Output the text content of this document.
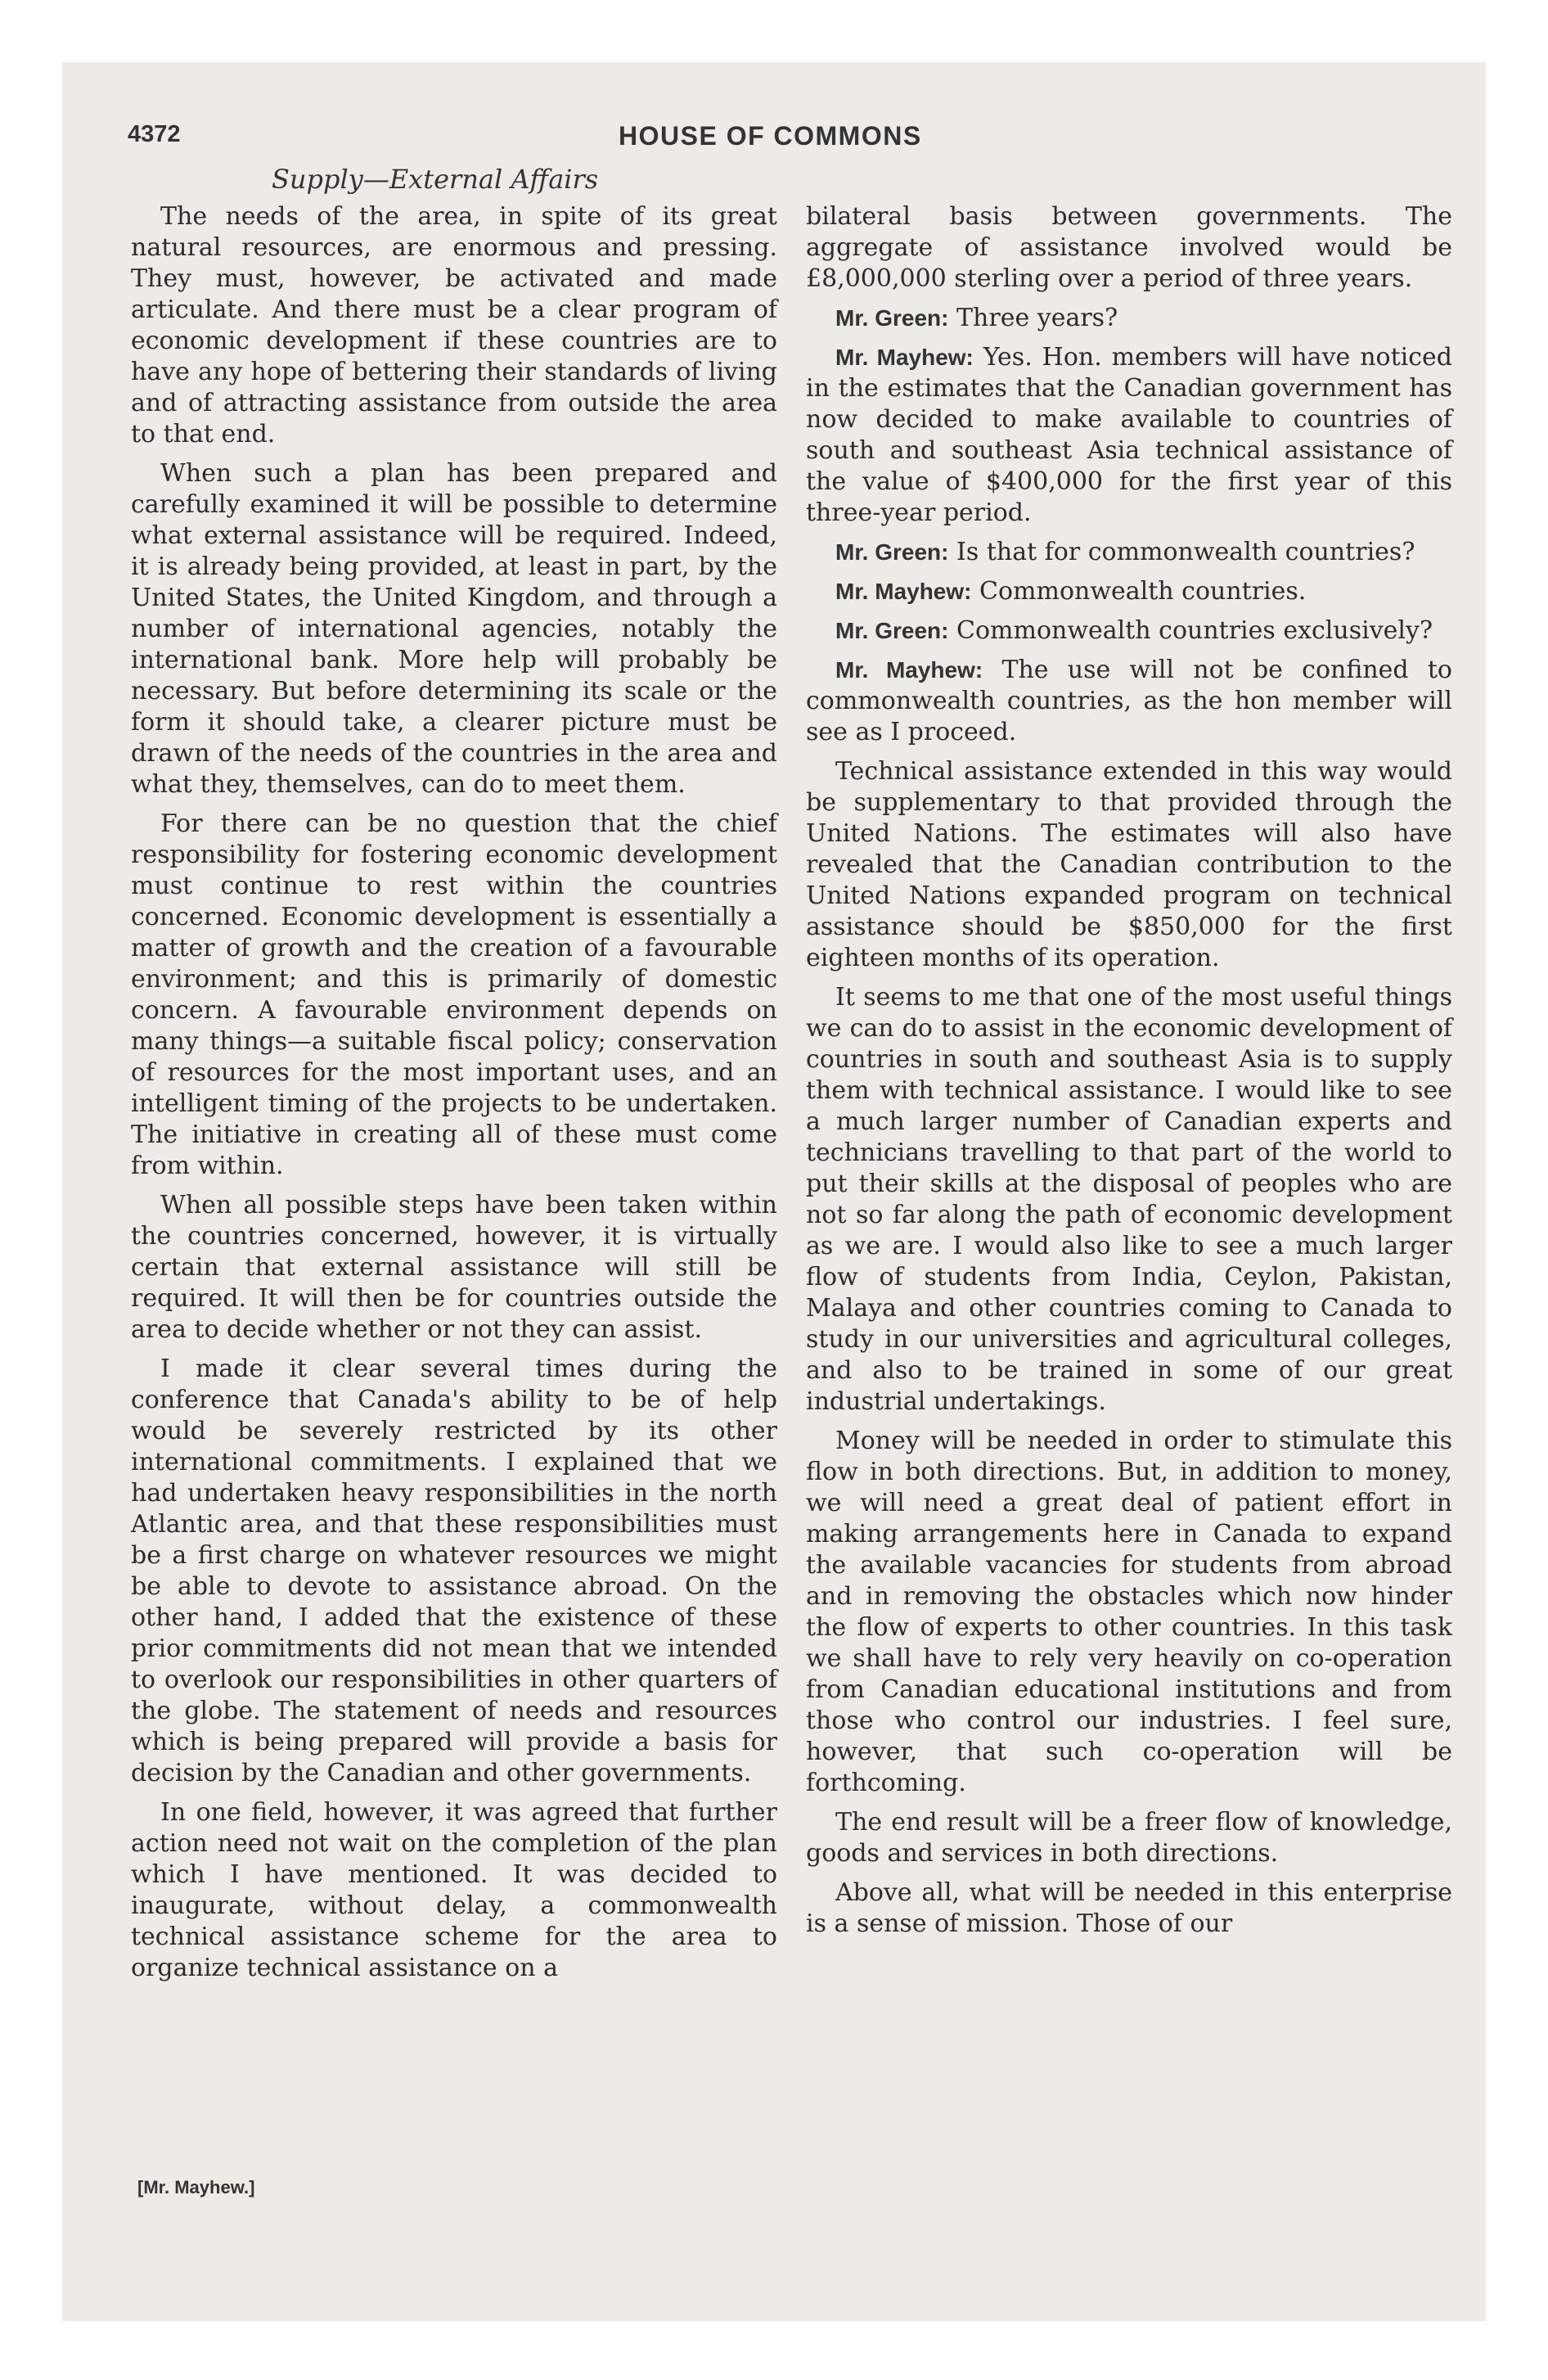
4372	HOUSE OF COMMONS
Supply—External Affairs

The needs of the area, in spite of its great natural resources, are enormous and pressing. They must, however, be activated and made articulate. And there must be a clear program of economic development if these countries are to have any hope of bettering their standards of living and of attracting assistance from outside the area to that end.

When such a plan has been prepared and carefully examined it will be possible to determine what external assistance will be required. Indeed, it is already being provided, at least in part, by the United States, the United Kingdom, and through a number of international agencies, notably the international bank. More help will probably be necessary. But before determining its scale or the form it should take, a clearer picture must be drawn of the needs of the countries in the area and what they, themselves, can do to meet them.

For there can be no question that the chief responsibility for fostering economic development must continue to rest within the countries concerned. Economic development is essentially a matter of growth and the creation of a favourable environment; and this is primarily of domestic concern. A favourable environment depends on many things—a suitable fiscal policy; conservation of resources for the most important uses, and an intelligent timing of the projects to be undertaken. The initiative in creating all of these must come from within.

When all possible steps have been taken within the countries concerned, however, it is virtually certain that external assistance will still be required. It will then be for countries outside the area to decide whether or not they can assist.

I made it clear several times during the conference that Canada's ability to be of help would be severely restricted by its other international commitments. I explained that we had undertaken heavy responsibilities in the north Atlantic area, and that these responsibilities must be a first charge on whatever resources we might be able to devote to assistance abroad. On the other hand, I added that the existence of these prior commitments did not mean that we intended to overlook our responsibilities in other quarters of the globe. The statement of needs and resources which is being prepared will provide a basis for decision by the Canadian and other governments.

In one field, however, it was agreed that further action need not wait on the completion of the plan which I have mentioned. It was decided to inaugurate, without delay, a commonwealth technical assistance scheme for the area to organize technical assistance on a

bilateral basis between governments. The aggregate of assistance involved would be £8,000,000 sterling over a period of three years.

Mr. Green: Three years?

Mr. Mayhew: Yes. Hon. members will have noticed in the estimates that the Canadian government has now decided to make available to countries of south and southeast Asia technical assistance of the value of $400,000 for the first year of this three-year period.

Mr. Green: Is that for commonwealth countries?

Mr. Mayhew: Commonwealth countries.

Mr. Green: Commonwealth countries exclusively?

Mr. Mayhew: The use will not be confined to commonwealth countries, as the hon member will see as I proceed.

Technical assistance extended in this way would be supplementary to that provided through the United Nations. The estimates will also have revealed that the Canadian contribution to the United Nations expanded program on technical assistance should be $850,000 for the first eighteen months of its operation.

It seems to me that one of the most useful things we can do to assist in the economic development of countries in south and southeast Asia is to supply them with technical assistance. I would like to see a much larger number of Canadian experts and technicians travelling to that part of the world to put their skills at the disposal of peoples who are not so far along the path of economic development as we are. I would also like to see a much larger flow of students from India, Ceylon, Pakistan, Malaya and other countries coming to Canada to study in our universities and agricultural colleges, and also to be trained in some of our great industrial undertakings.

Money will be needed in order to stimulate this flow in both directions. But, in addition to money, we will need a great deal of patient effort in making arrangements here in Canada to expand the available vacancies for students from abroad and in removing the obstacles which now hinder the flow of experts to other countries. In this task we shall have to rely very heavily on co-operation from Canadian educational institutions and from those who control our industries. I feel sure, however, that such co-operation will be forthcoming.

The end result will be a freer flow of knowledge, goods and services in both directions.

Above all, what will be needed in this enterprise is a sense of mission. Those of our

[Mr. Mayhew.]
